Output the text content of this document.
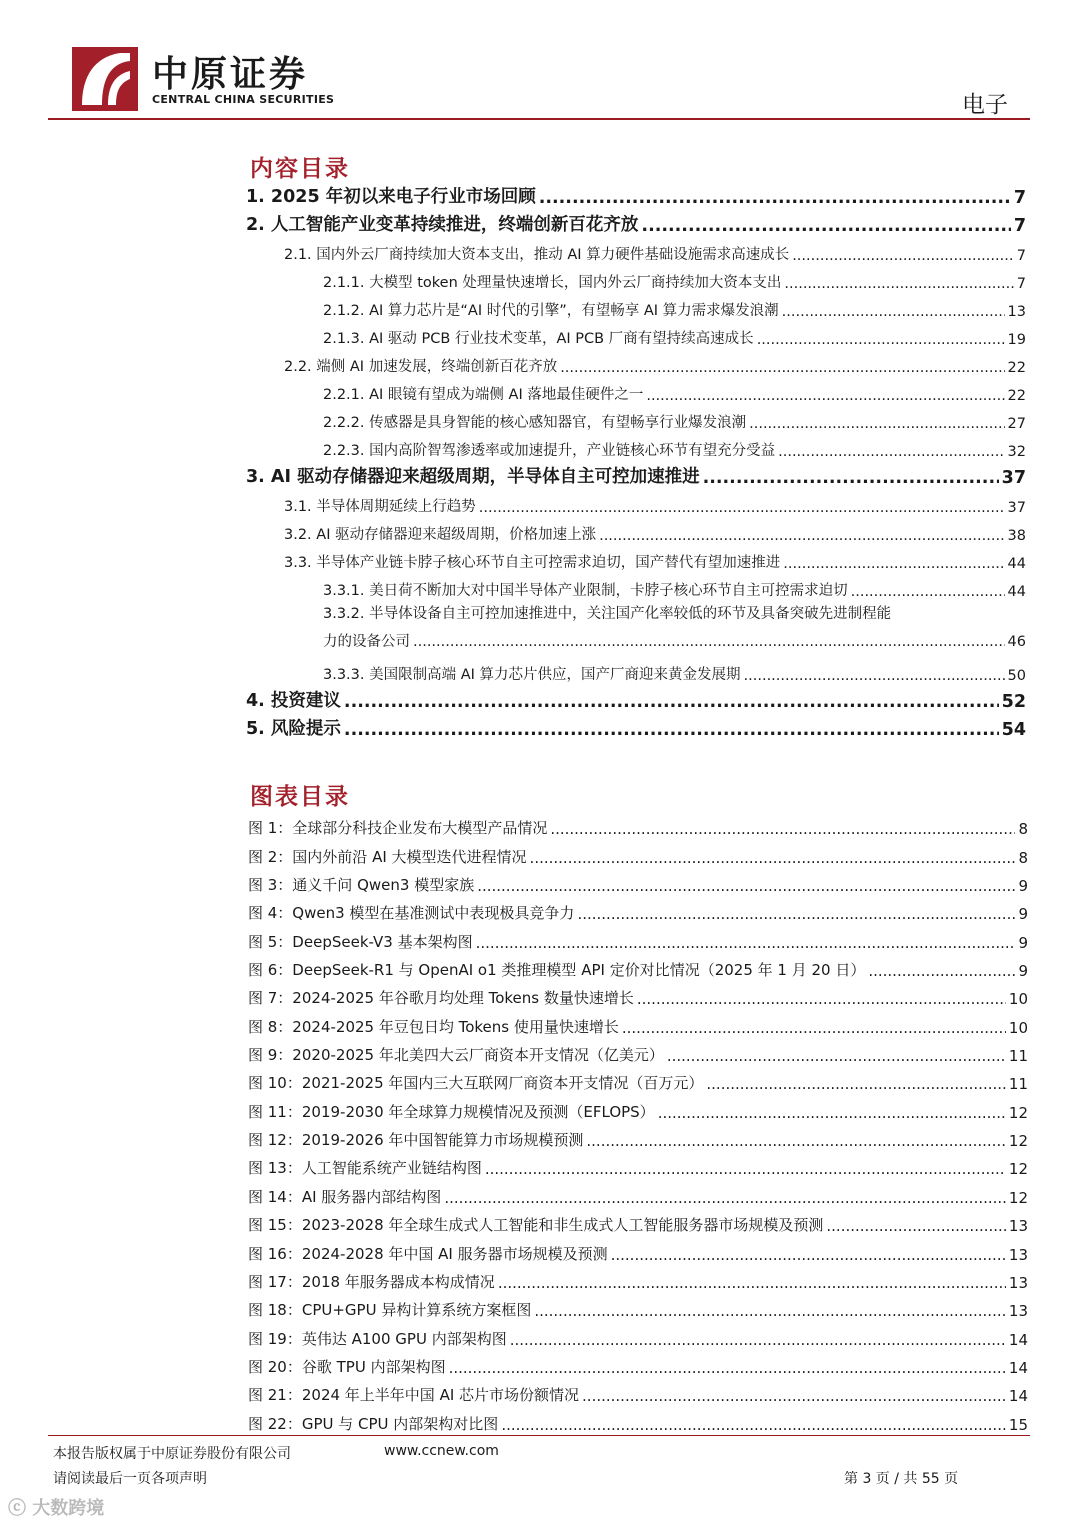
中原证券
CENTRAL CHINA SECURITIES	电子
内容目录
1. 2025 年初以来电子行业市场回顾 .....	7
2. 人工智能产业变革持续推进，终端创新百花齐放 .....	7
2.1. 国内外云厂商持续加大资本支出，推动 AI 算力硬件基础设施需求高速成长 .....	7
2.1.1. 大模型 token 处理量快速增长，国内外云厂商持续加大资本支出 .....	7
2.1.2. AI 算力芯片是“AI 时代的引擎”，有望畅享 AI 算力需求爆发浪潮 .....	13
2.1.3. AI 驱动 PCB 行业技术变革，AI PCB 厂商有望持续高速成长 .....	19
2.2. 端侧 AI 加速发展，终端创新百花齐放 .....	22
2.2.1. AI 眼镜有望成为端侧 AI 落地最佳硬件之一 .....	22
2.2.2. 传感器是具身智能的核心感知器官，有望畅享行业爆发浪潮 .....	27
2.2.3. 国内高阶智驾渗透率或加速提升，产业链核心环节有望充分受益 .....	32
3. AI 驱动存储器迎来超级周期，半导体自主可控加速推进 .....	37
3.1. 半导体周期延续上行趋势 .....	37
3.2. AI 驱动存储器迎来超级周期，价格加速上涨 .....	38
3.3. 半导体产业链卡脖子核心环节自主可控需求迫切，国产替代有望加速推进 .....	44
3.3.1. 美日荷不断加大对中国半导体产业限制，卡脖子核心环节自主可控需求迫切 .....	44
3.3.2. 半导体设备自主可控加速推进中，关注国产化率较低的环节及具备突破先进制程能
力的设备公司 .....	46
3.3.3. 美国限制高端 AI 算力芯片供应，国产厂商迎来黄金发展期 .....	50
4. 投资建议 .....	52
5. 风险提示 .....	54
图表目录
图 1：全球部分科技企业发布大模型产品情况 .....	8
图 2：国内外前沿 AI 大模型迭代进程情况 .....	8
图 3：通义千问 Qwen3 模型家族 .....	9
图 4：Qwen3 模型在基准测试中表现极具竞争力 .....	9
图 5：DeepSeek-V3 基本架构图 .....	9
图 6：DeepSeek-R1 与 OpenAI o1 类推理模型 API 定价对比情况（2025 年 1 月 20 日） .....	9
图 7：2024-2025 年谷歌月均处理 Tokens 数量快速增长 .....	10
图 8：2024-2025 年豆包日均 Tokens 使用量快速增长 .....	10
图 9：2020-2025 年北美四大云厂商资本开支情况（亿美元） .....	11
图 10：2021-2025 年国内三大互联网厂商资本开支情况（百万元） .....	11
图 11：2019-2030 年全球算力规模情况及预测（EFLOPS） .....	12
图 12：2019-2026 年中国智能算力市场规模预测 .....	12
图 13：人工智能系统产业链结构图 .....	12
图 14：AI 服务器内部结构图 .....	12
图 15：2023-2028 年全球生成式人工智能和非生成式人工智能服务器市场规模及预测 .....	13
图 16：2024-2028 年中国 AI 服务器市场规模及预测 .....	13
图 17：2018 年服务器成本构成情况 .....	13
图 18：CPU+GPU 异构计算系统方案框图 .....	13
图 19：英伟达 A100 GPU 内部架构图 .....	14
图 20：谷歌 TPU 内部架构图 .....	14
图 21：2024 年上半年中国 AI 芯片市场份额情况 .....	14
图 22：GPU 与 CPU 内部架构对比图 .....	15
本报告版权属于中原证券股份有限公司	www.ccnew.com
请阅读最后一页各项声明	第 3 页 / 共 55 页
ⓒ 大数跨境
